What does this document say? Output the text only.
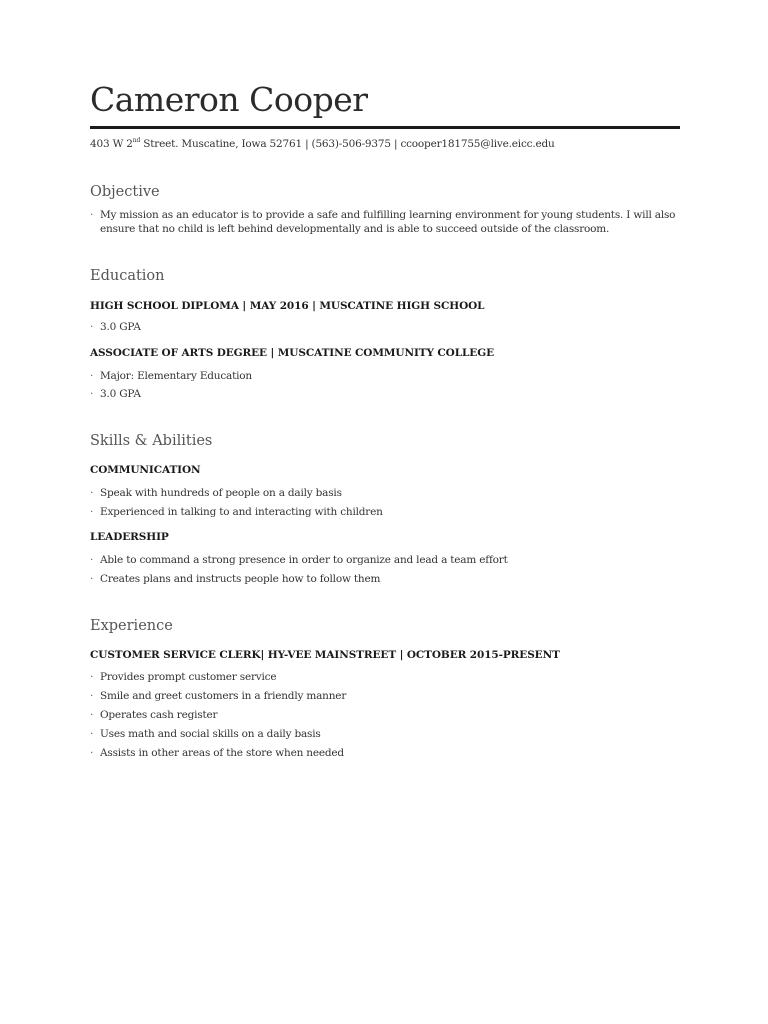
Cameron Cooper
403 W 2nd Street. Muscatine, Iowa 52761 | (563)-506-9375 | ccooper181755@live.eicc.edu
Objective
· My mission as an educator is to provide a safe and fulfilling learning environment for young students. I will also ensure that no child is left behind developmentally and is able to succeed outside of the classroom.
Education
HIGH SCHOOL DIPLOMA | MAY 2016 | MUSCATINE HIGH SCHOOL
· 3.0 GPA
ASSOCIATE OF ARTS DEGREE | MUSCATINE COMMUNITY COLLEGE
· Major: Elementary Education
· 3.0 GPA
Skills & Abilities
COMMUNICATION
· Speak with hundreds of people on a daily basis
· Experienced in talking to and interacting with children
LEADERSHIP
· Able to command a strong presence in order to organize and lead a team effort
· Creates plans and instructs people how to follow them
Experience
CUSTOMER SERVICE CLERK| HY-VEE MAINSTREET | OCTOBER 2015-PRESENT
· Provides prompt customer service
· Smile and greet customers in a friendly manner
· Operates cash register
· Uses math and social skills on a daily basis
· Assists in other areas of the store when needed
